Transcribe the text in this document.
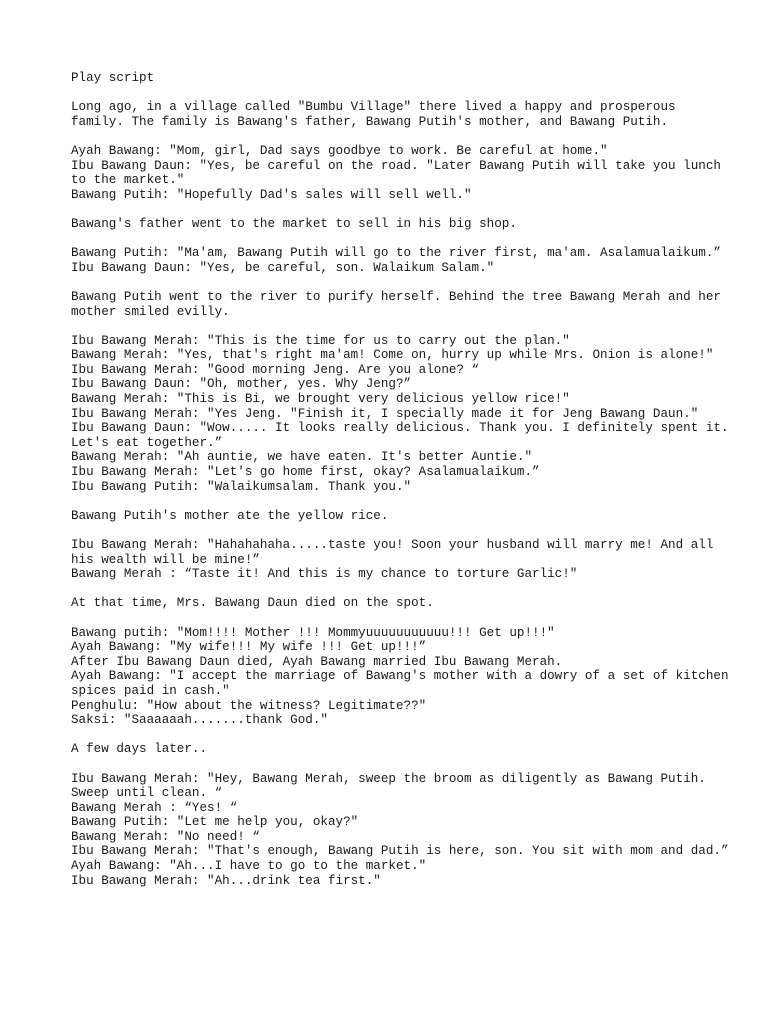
Play script

Long ago, in a village called "Bumbu Village" there lived a happy and prosperous family. The family is Bawang's father, Bawang Putih's mother, and Bawang Putih.
Ayah Bawang: "Mom, girl, Dad says goodbye to work. Be careful at home."
Ibu Bawang Daun: "Yes, be careful on the road. "Later Bawang Putih will take you lunch to the market."
Bawang Putih: "Hopefully Dad's sales will sell well."
Bawang's father went to the market to sell in his big shop.
Bawang Putih: "Ma'am, Bawang Putih will go to the river first, ma'am. Asalamualaikum.”
Ibu Bawang Daun: "Yes, be careful, son. Walaikum Salam."
Bawang Putih went to the river to purify herself. Behind the tree Bawang Merah and her mother smiled evilly.
Ibu Bawang Merah: "This is the time for us to carry out the plan."
Bawang Merah: "Yes, that's right ma'am! Come on, hurry up while Mrs. Onion is alone!"
Ibu Bawang Merah: "Good morning Jeng. Are you alone? “
Ibu Bawang Daun: "Oh, mother, yes. Why Jeng?”
Bawang Merah: "This is Bi, we brought very delicious yellow rice!"
Ibu Bawang Merah: "Yes Jeng. "Finish it, I specially made it for Jeng Bawang Daun."
Ibu Bawang Daun: "Wow..... It looks really delicious. Thank you. I definitely spent it. Let's eat together.”
Bawang Merah: "Ah auntie, we have eaten. It's better Auntie."
Ibu Bawang Merah: "Let's go home first, okay? Asalamualaikum.”
Ibu Bawang Putih: "Walaikumsalam. Thank you."
Bawang Putih's mother ate the yellow rice.
Ibu Bawang Merah: "Hahahahaha.....taste you! Soon your husband will marry me! And all his wealth will be mine!”
Bawang Merah : “Taste it! And this is my chance to torture Garlic!"
At that time, Mrs. Bawang Daun died on the spot.
Bawang putih: "Mom!!!! Mother !!! Mommyuuuuuuuuuuu!!! Get up!!!"
Ayah Bawang: "My wife!!! My wife !!! Get up!!!”
After Ibu Bawang Daun died, Ayah Bawang married Ibu Bawang Merah.
Ayah Bawang: "I accept the marriage of Bawang's mother with a dowry of a set of kitchen spices paid in cash."
Penghulu: "How about the witness? Legitimate??"
Saksi: "Saaaaaah.......thank God."
A few days later..
Ibu Bawang Merah: "Hey, Bawang Merah, sweep the broom as diligently as Bawang Putih. Sweep until clean. “
Bawang Merah : “Yes! “
Bawang Putih: "Let me help you, okay?"
Bawang Merah: "No need! “
Ibu Bawang Merah: "That's enough, Bawang Putih is here, son. You sit with mom and dad.”
Ayah Bawang: "Ah...I have to go to the market."
Ibu Bawang Merah: "Ah...drink tea first."
